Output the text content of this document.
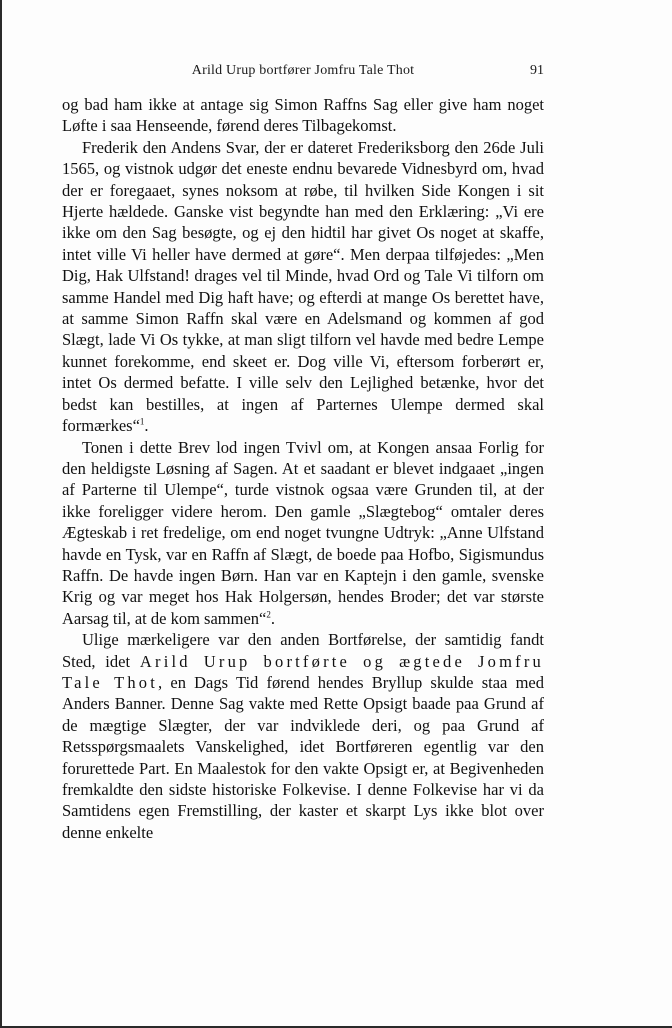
Arild Urup bortfører Jomfru Tale Thot	91

og bad ham ikke at antage sig Simon Raffns Sag eller give ham noget Løfte i saa Henseende, førend deres Tilbagekomst.

Frederik den Andens Svar, der er dateret Frederiksborg den 26de Juli 1565, og vistnok udgør det eneste endnu bevarede Vidnesbyrd om, hvad der er foregaaet, synes noksom at røbe, til hvilken Side Kongen i sit Hjerte hældede. Ganske vist begyndte han med den Erklæring: „Vi ere ikke om den Sag besøgte, og ej den hidtil har givet Os noget at skaffe, intet ville Vi heller have dermed at gøre“. Men derpaa tilføjedes: „Men Dig, Hak Ulfstand! drages vel til Minde, hvad Ord og Tale Vi tilforn om samme Handel med Dig haft have; og efterdi at mange Os berettet have, at samme Simon Raffn skal være en Adelsmand og kommen af god Slægt, lade Vi Os tykke, at man sligt tilforn vel havde med bedre Lempe kunnet forekomme, end skeet er. Dog ville Vi, eftersom forberørt er, intet Os dermed befatte. I ville selv den Lejlighed betænke, hvor det bedst kan bestilles, at ingen af Parternes Ulempe dermed skal formærkes“$^1$.

Tonen i dette Brev lod ingen Tvivl om, at Kongen ansaa Forlig for den heldigste Løsning af Sagen. At et saadant er blevet indgaaet „ingen af Parterne til Ulempe“, turde vistnok ogsaa være Grunden til, at der ikke foreligger videre herom. Den gamle „Slægtebog“ omtaler deres Ægteskab i ret fredelige, om end noget tvungne Udtryk: „Anne Ulfstand havde en Tysk, var en Raffn af Slægt, de boede paa Hofbo, Sigismundus Raffn. De havde ingen Børn. Han var en Kaptejn i den gamle, svenske Krig og var meget hos Hak Holgersøn, hendes Broder; det var største Aarsag til, at de kom sammen“$^2$.

Ulige mærkeligere var den anden Bortførelse, der samtidig fandt Sted, idet Arild Urup bortførte og ægtede Jomfru Tale Thot, en Dags Tid førend hendes Bryllup skulde staa med Anders Banner. Denne Sag vakte med Rette Opsigt baade paa Grund af de mægtige Slægter, der var indviklede deri, og paa Grund af Retsspørgsmaalets Vanskelighed, idet Bortføreren egentlig var den forurettede Part. En Maalestok for den vakte Opsigt er, at Begivenheden fremkaldte den sidste historiske Folkevise. I denne Folkevise har vi da Samtidens egen Fremstilling, der kaster et skarpt Lys ikke blot over denne enkelte
